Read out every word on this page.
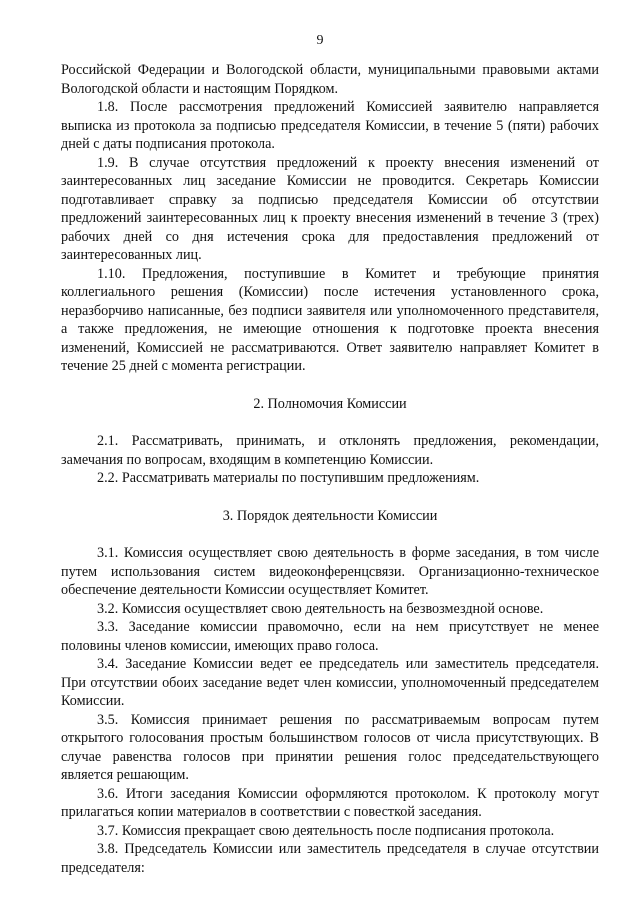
9

Российской Федерации и Вологодской области, муниципальными правовыми актами Вологодской области и настоящим Порядком.

1.8. После рассмотрения предложений Комиссией заявителю направляется выписка из протокола за подписью председателя Комиссии, в течение 5 (пяти) рабочих дней с даты подписания протокола.

1.9. В случае отсутствия предложений к проекту внесения изменений от заинтересованных лиц заседание Комиссии не проводится. Секретарь Комиссии подготавливает справку за подписью председателя Комиссии об отсутствии предложений заинтересованных лиц к проекту внесения изменений в течение 3 (трех) рабочих дней со дня истечения срока для предоставления предложений от заинтересованных лиц.

1.10. Предложения, поступившие в Комитет и требующие принятия коллегиального решения (Комиссии) после истечения установленного срока, неразборчиво написанные, без подписи заявителя или уполномоченного представителя, а также предложения, не имеющие отношения к подготовке проекта внесения изменений, Комиссией не рассматриваются. Ответ заявителю направляет Комитет в течение 25 дней с момента регистрации.

2. Полномочия Комиссии

2.1. Рассматривать, принимать, и отклонять предложения, рекомендации, замечания по вопросам, входящим в компетенцию Комиссии.

2.2. Рассматривать материалы по поступившим предложениям.

3. Порядок деятельности Комиссии

3.1. Комиссия осуществляет свою деятельность в форме заседания, в том числе путем использования систем видеоконференцсвязи. Организационно-техническое обеспечение деятельности Комиссии осуществляет Комитет.

3.2. Комиссия осуществляет свою деятельность на безвозмездной основе.

3.3. Заседание комиссии правомочно, если на нем присутствует не менее половины членов комиссии, имеющих право голоса.

3.4. Заседание Комиссии ведет ее председатель или заместитель председателя. При отсутствии обоих заседание ведет член комиссии, уполномоченный председателем Комиссии.

3.5. Комиссия принимает решения по рассматриваемым вопросам путем открытого голосования простым большинством голосов от числа присутствующих. В случае равенства голосов при принятии решения голос председательствующего является решающим.

3.6. Итоги заседания Комиссии оформляются протоколом. К протоколу могут прилагаться копии материалов в соответствии с повесткой заседания.

3.7. Комиссия прекращает свою деятельность после подписания протокола.

3.8. Председатель Комиссии или заместитель председателя в случае отсутствии председателя:
